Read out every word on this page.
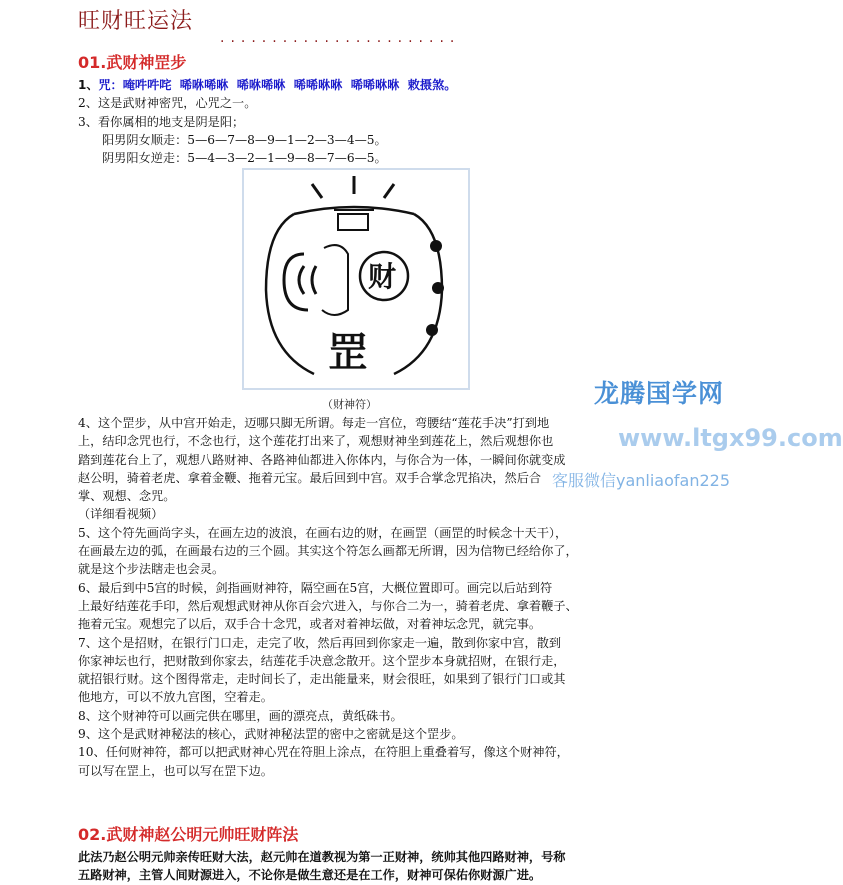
旺财旺运法
.......................
01.武财神罡步
1、咒：唵吽吽咤 唏咻唏咻 唏咻唏咻 唏唏咻咻 唏唏咻咻 敕摄煞。
2、这是武财神密咒，心咒之一。
3、看你属相的地支是阴是阳；
阳男阴女顺走：5—6—7—8—9—1—2—3—4—5。
阴男阳女逆走：5—4—3—2—1—9—8—7—6—5。
财
罡
（财神符）
4、这个罡步，从中宫开始走，迈哪只脚无所谓。每走一宫位，弯腰结“莲花手决”打到地
上，结印念咒也行，不念也行，这个莲花打出来了，观想财神坐到莲花上，然后观想你也
踏到莲花台上了，观想八路财神、各路神仙都进入你体内，与你合为一体，一瞬间你就变成
赵公明，骑着老虎、拿着金鞭、拖着元宝。最后回到中宫。双手合掌念咒掐决，然后合
掌、观想、念咒。
（详细看视频）
5、这个符先画尚字头，在画左边的波浪，在画右边的财，在画罡（画罡的时候念十天干），
在画最左边的弧，在画最右边的三个圆。其实这个符怎么画都无所谓，因为信物已经给你了，
就是这个步法瞎走也会灵。
6、最后到中5宫的时候，剑指画财神符，隔空画在5宫，大概位置即可。画完以后站到符
上最好结莲花手印，然后观想武财神从你百会穴进入，与你合二为一，骑着老虎、拿着鞭子、
拖着元宝。观想完了以后，双手合十念咒，或者对着神坛做，对着神坛念咒，就完事。
7、这个是招财，在银行门口走，走完了收，然后再回到你家走一遍，散到你家中宫，散到
你家神坛也行，把财散到你家去，结莲花手决意念散开。这个罡步本身就招财，在银行走，
就招银行财。这个图得常走，走时间长了，走出能量来，财会很旺，如果到了银行门口或其
他地方，可以不放九宫图，空着走。
8、这个财神符可以画完供在哪里，画的漂亮点，黄纸硃书。
9、这个是武财神秘法的核心，武财神秘法罡的密中之密就是这个罡步。
10、任何财神符，都可以把武财神心咒在符胆上涂点，在符胆上重叠着写，像这个财神符，
可以写在罡上，也可以写在罡下边。
02.武财神赵公明元帅旺财阵法
此法乃赵公明元帅亲传旺财大法，赵元帅在道教视为第一正财神，统帅其他四路财神，号称
五路财神，主管人间财源进入，不论你是做生意还是在工作，财神可保佑你财源广进。
龙腾国学网
www.ltgx99.com
客服微信yanliaofan225
